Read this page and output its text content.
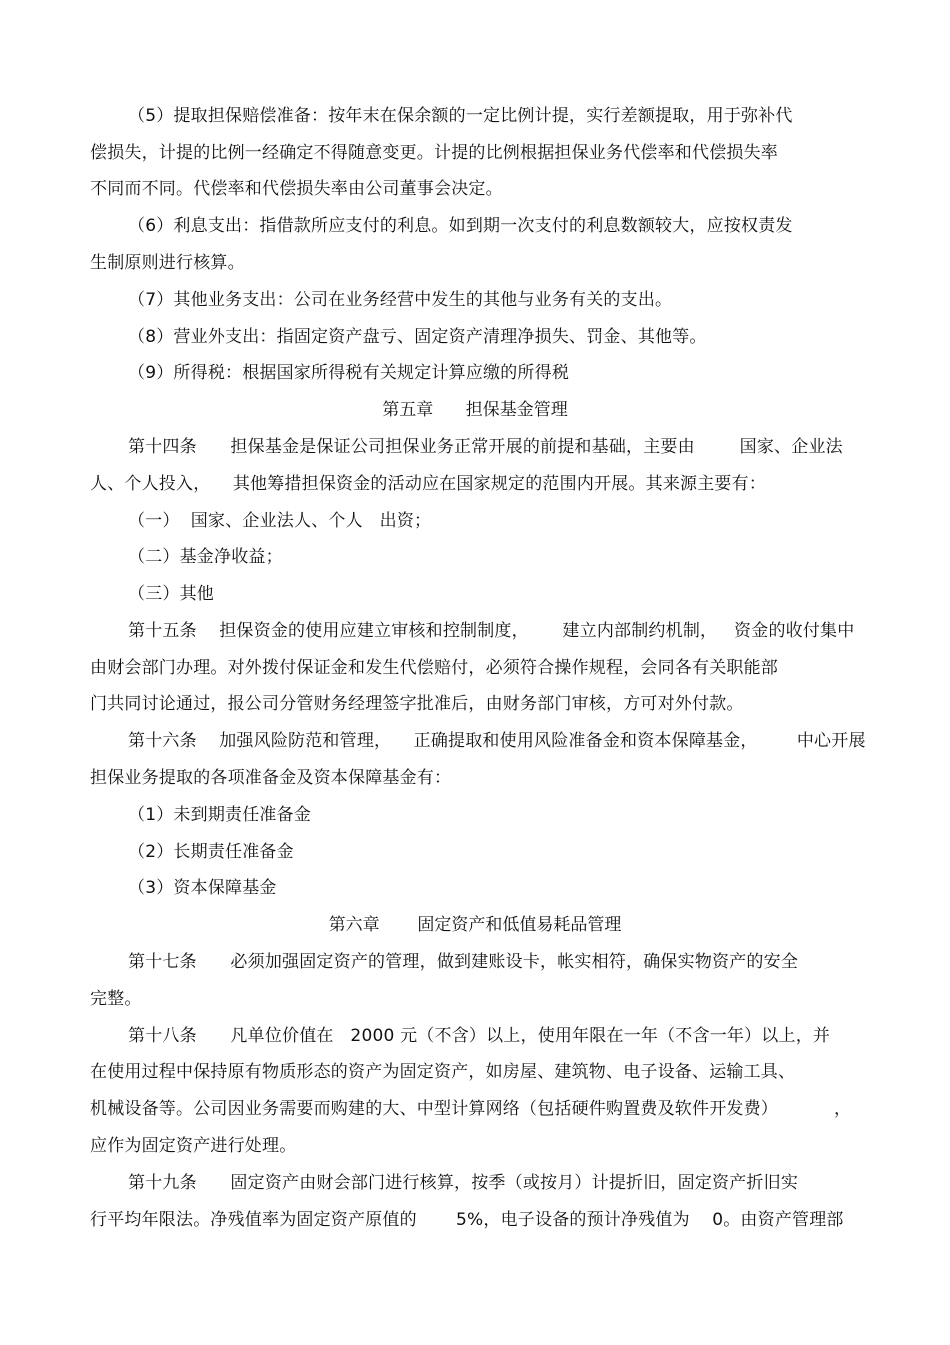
（5）提取担保赔偿准备：按年末在保余额的一定比例计提，实行差额提取，用于弥补代
偿损失，计提的比例一经确定不得随意变更。计提的比例根据担保业务代偿率和代偿损失率
不同而不同。代偿率和代偿损失率由公司董事会决定。
（6）利息支出：指借款所应支付的利息。如到期一次支付的利息数额较大，应按权责发
生制原则进行核算。
（7）其他业务支出：公司在业务经营中发生的其他与业务有关的支出。
（8）营业外支出：指固定资产盘亏、固定资产清理净损失、罚金、其他等。
（9）所得税：根据国家所得税有关规定计算应缴的所得税
第五章      担保基金管理
第十四条      担保基金是保证公司担保业务正常开展的前提和基础，主要由        国家、企业法
人、个人投入，    其他筹措担保资金的活动应在国家规定的范围内开展。其来源主要有：
（一）  国家、企业法人、个人   出资；
（二）基金净收益；
（三）其他
第十五条    担保资金的使用应建立审核和控制制度，      建立内部制约机制，   资金的收付集中
由财会部门办理。对外拨付保证金和发生代偿赔付，必须符合操作规程，会同各有关职能部
门共同讨论通过，报公司分管财务经理签字批准后，由财务部门审核，方可对外付款。
第十六条    加强风险防范和管理，    正确提取和使用风险准备金和资本保障基金，       中心开展
担保业务提取的各项准备金及资本保障基金有：
（1）未到期责任准备金
（2）长期责任准备金
（3）资本保障基金
第六章       固定资产和低值易耗品管理
第十七条      必须加强固定资产的管理，做到建账设卡，帐实相符，确保实物资产的安全
完整。
第十八条      凡单位价值在   2000 元（不含）以上，使用年限在一年（不含一年）以上，并
在使用过程中保持原有物质形态的资产为固定资产，如房屋、建筑物、电子设备、运输工具、
机械设备等。公司因业务需要而购建的大、中型计算网络（包括硬件购置费及软件开发费）          ，
应作为固定资产进行处理。
第十九条      固定资产由财会部门进行核算，按季（或按月）计提折旧，固定资产折旧实
行平均年限法。净残值率为固定资产原值的       5%，电子设备的预计净残值为    0。由资产管理部
